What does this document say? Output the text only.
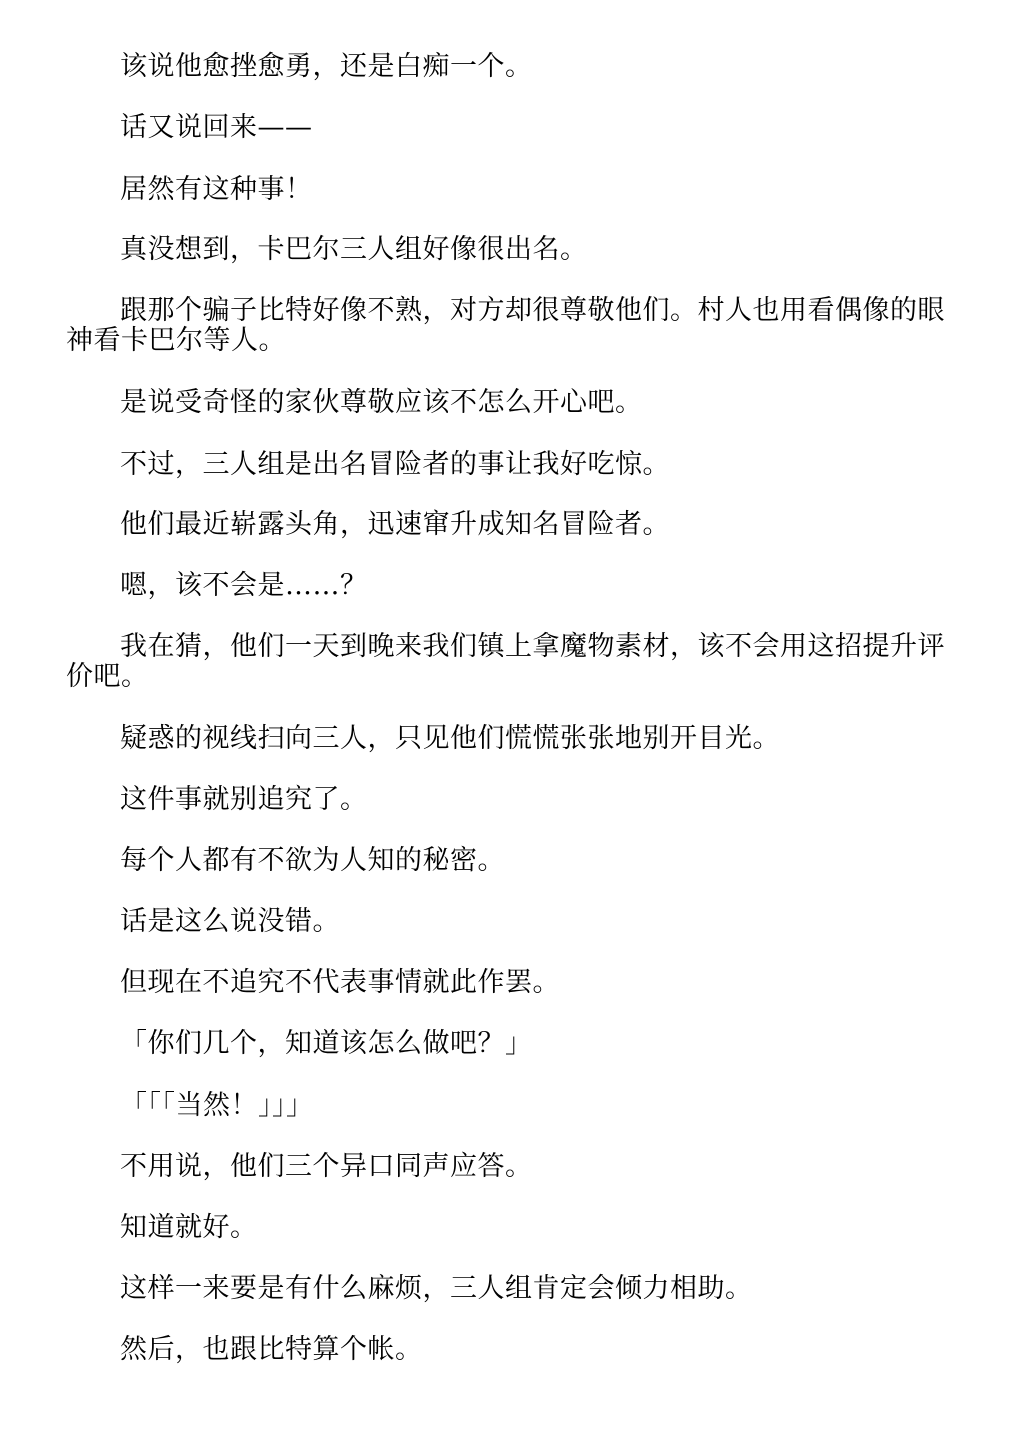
该说他愈挫愈勇，还是白痴一个。

话又说回来——

居然有这种事！

真没想到，卡巴尔三人组好像很出名。

跟那个骗子比特好像不熟，对方却很尊敬他们。村人也用看偶像的眼神看卡巴尔等人。

是说受奇怪的家伙尊敬应该不怎么开心吧。

不过，三人组是出名冒险者的事让我好吃惊。

他们最近崭露头角，迅速窜升成知名冒险者。

嗯，该不会是……？

我在猜，他们一天到晚来我们镇上拿魔物素材，该不会用这招提升评价吧。

疑惑的视线扫向三人，只见他们慌慌张张地别开目光。

这件事就别追究了。

每个人都有不欲为人知的秘密。

话是这么说没错。

但现在不追究不代表事情就此作罢。

「你们几个，知道该怎么做吧？」

「「「当然！」」」

不用说，他们三个异口同声应答。

知道就好。

这样一来要是有什么麻烦，三人组肯定会倾力相助。

然后，也跟比特算个帐。
